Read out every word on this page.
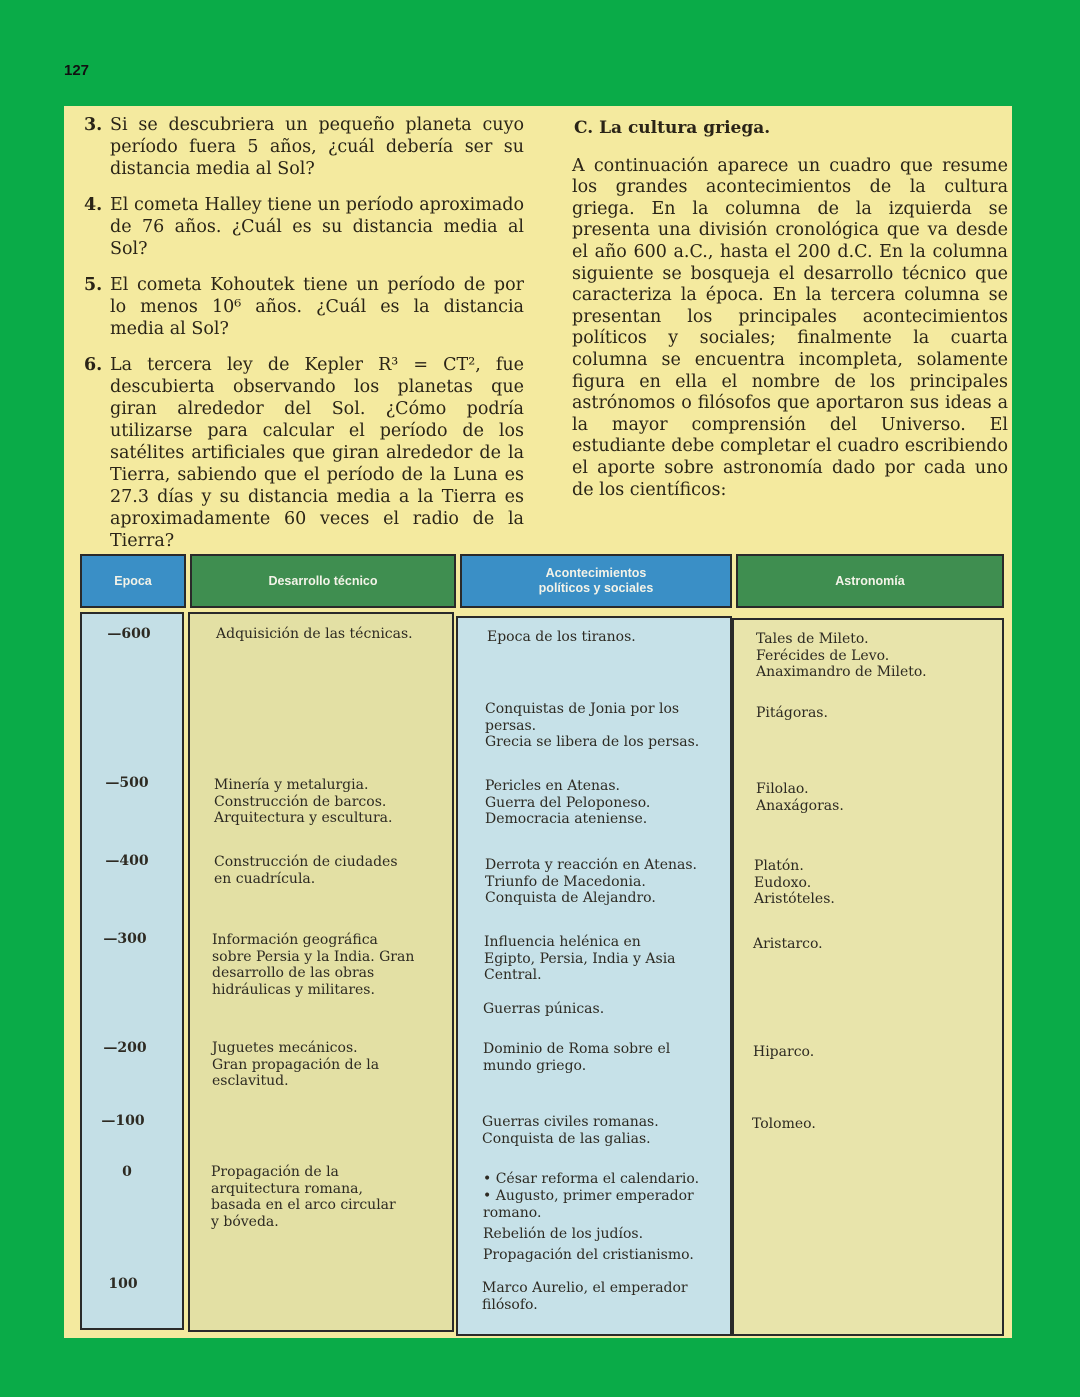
127
3. Si se descubriera un pequeño planeta cuyo período fuera 5 años, ¿cuál debería ser su distancia media al Sol?
4. El cometa Halley tiene un período aproximado de 76 años. ¿Cuál es su distancia media al Sol?
5. El cometa Kohoutek tiene un período de por lo menos 10⁶ años. ¿Cuál es la distancia media al Sol?
6. La tercera ley de Kepler R³ = CT², fue descubierta observando los planetas que giran alrededor del Sol. ¿Cómo podría utilizarse para calcular el período de los satélites artificiales que giran alrededor de la Tierra, sabiendo que el período de la Luna es 27.3 días y su distancia media a la Tierra es aproximadamente 60 veces el radio de la Tierra?
C. La cultura griega.
A continuación aparece un cuadro que resume los grandes acontecimientos de la cultura griega. En la columna de la izquierda se presenta una división cronológica que va desde el año 600 a.C., hasta el 200 d.C. En la columna siguiente se bosqueja el desarrollo técnico que caracteriza la época. En la tercera columna se presentan los principales acontecimientos políticos y sociales; finalmente la cuarta columna se encuentra incompleta, solamente figura en ella el nombre de los principales astrónomos o filósofos que aportaron sus ideas a la mayor comprensión del Universo. El estudiante debe completar el cuadro escribiendo el aporte sobre astronomía dado por cada uno de los científicos:
Epoca	Desarrollo técnico
Acontecimientos
políticos y sociales
Astronomía
—600
—500
—400
—300
—200
—100
0
100
Adquisición de las técnicas.
Minería y metalurgia.
Construcción de barcos.
Arquitectura y escultura.
Construcción de ciudades
en cuadrícula.
Información geográfica
sobre Persia y la India. Gran
desarrollo de las obras
hidráulicas y militares.
Juguetes mecánicos.
Gran propagación de la
esclavitud.
Propagación de la
arquitectura romana,
basada en el arco circular
y bóveda.
Epoca de los tiranos.
Conquistas de Jonia por los
persas.
Grecia se libera de los persas.
Pericles en Atenas.
Guerra del Peloponeso.
Democracia ateniense.
Derrota y reacción en Atenas.
Triunfo de Macedonia.
Conquista de Alejandro.
Influencia helénica en
Egipto, Persia, India y Asia
Central.
Guerras púnicas.
Dominio de Roma sobre el
mundo griego.
Guerras civiles romanas.
Conquista de las galias.
• César reforma el calendario.
• Augusto, primer emperador
romano.
Rebelión de los judíos.
Propagación del cristianismo.
Marco Aurelio, el emperador
filósofo.
Tales de Mileto.
Ferécides de Levo.
Anaximandro de Mileto.
Pitágoras.
Filolao.
Anaxágoras.
Platón.
Eudoxo.
Aristóteles.
Aristarco.
Hiparco.
Tolomeo.
